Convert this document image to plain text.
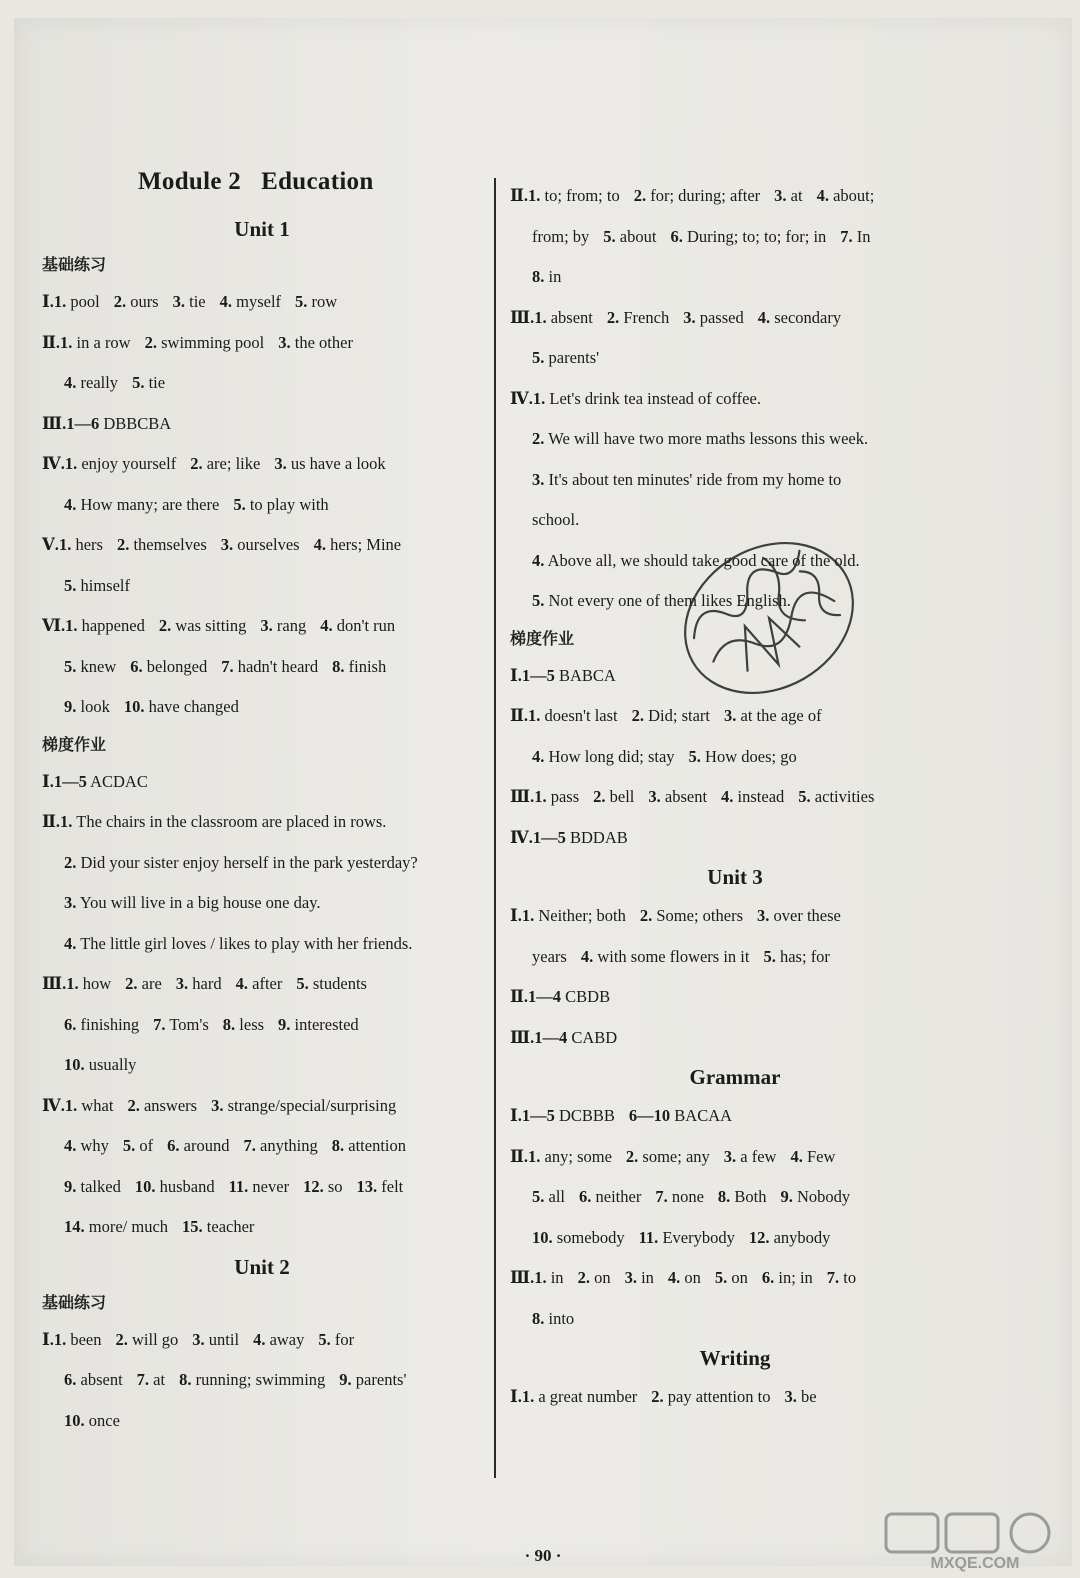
Module 2 Education
Unit 1
基础练习
Ⅰ.1. pool 2. ours 3. tie 4. myself 5. row
Ⅱ.1. in a row 2. swimming pool 3. the other
4. really 5. tie
Ⅲ.1—6 DBBCBA
Ⅳ.1. enjoy yourself 2. are; like 3. us have a look
4. How many; are there 5. to play with
Ⅴ.1. hers 2. themselves 3. ourselves 4. hers; Mine
5. himself
Ⅵ.1. happened 2. was sitting 3. rang 4. don't run
5. knew 6. belonged 7. hadn't heard 8. finish
9. look 10. have changed
梯度作业
Ⅰ.1—5 ACDAC
Ⅱ.1. The chairs in the classroom are placed in rows.
2. Did your sister enjoy herself in the park yesterday?
3. You will live in a big house one day.
4. The little girl loves / likes to play with her friends.
Ⅲ.1. how 2. are 3. hard 4. after 5. students
6. finishing 7. Tom's 8. less 9. interested
10. usually
Ⅳ.1. what 2. answers 3. strange/special/surprising
4. why 5. of 6. around 7. anything 8. attention
9. talked 10. husband 11. never 12. so 13. felt
14. more/ much 15. teacher
Unit 2
基础练习
Ⅰ.1. been 2. will go 3. until 4. away 5. for
6. absent 7. at 8. running; swimming 9. parents'
10. once
Ⅱ.1. to; from; to 2. for; during; after 3. at 4. about;
from; by 5. about 6. During; to; to; for; in 7. In
8. in
Ⅲ.1. absent 2. French 3. passed 4. secondary
5. parents'
Ⅳ.1. Let's drink tea instead of coffee.
2. We will have two more maths lessons this week.
3. It's about ten minutes' ride from my home to
school.
4. Above all, we should take good care of the old.
5. Not every one of them likes English.
梯度作业
Ⅰ.1—5 BABCA
Ⅱ.1. doesn't last 2. Did; start 3. at the age of
4. How long did; stay 5. How does; go
Ⅲ.1. pass 2. bell 3. absent 4. instead 5. activities
Ⅳ.1—5 BDDAB
Unit 3
Ⅰ.1. Neither; both 2. Some; others 3. over these
years 4. with some flowers in it 5. has; for
Ⅱ.1—4 CBDB
Ⅲ.1—4 CABD
Grammar
Ⅰ.1—5 DCBBB 6—10 BACAA
Ⅱ.1. any; some 2. some; any 3. a few 4. Few
5. all 6. neither 7. none 8. Both 9. Nobody
10. somebody 11. Everybody 12. anybody
Ⅲ.1. in 2. on 3. in 4. on 5. on 6. in; in 7. to
8. into
Writing
Ⅰ.1. a great number 2. pay attention to 3. be
· 90 ·	MXQE.COM
